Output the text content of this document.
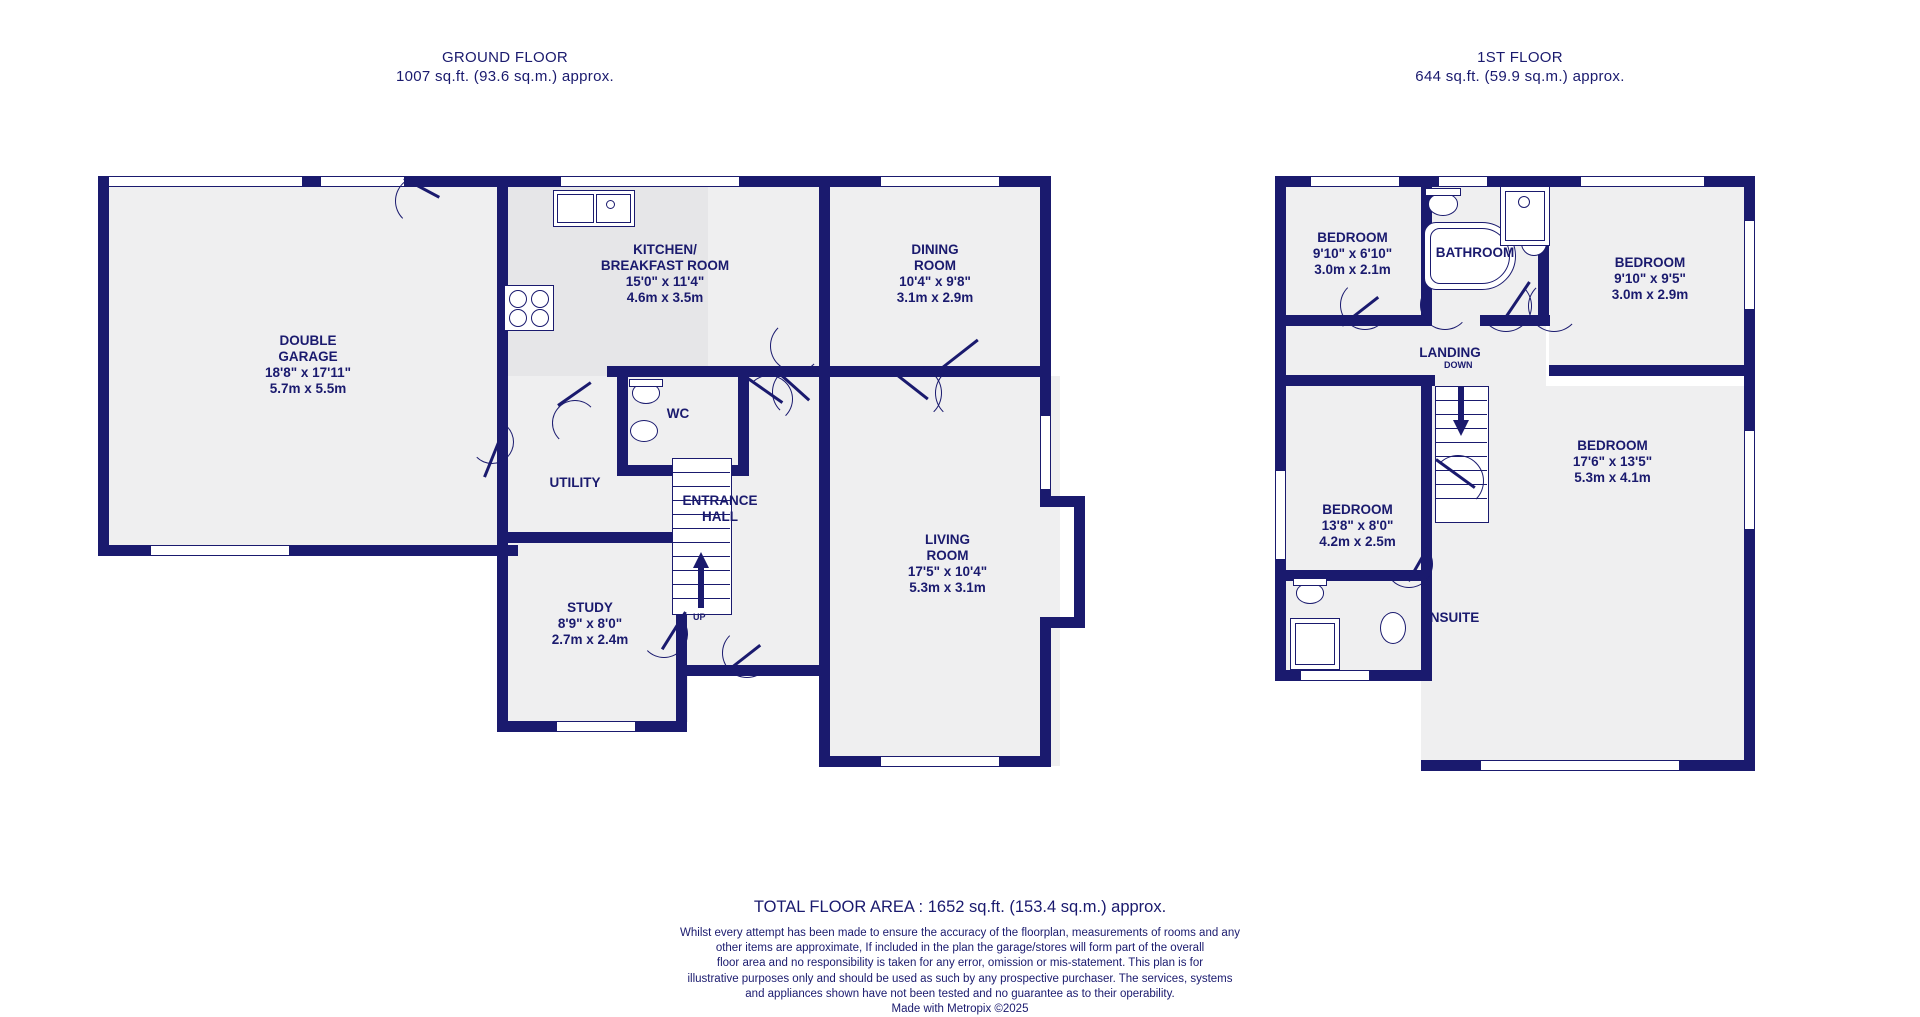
GROUND FLOOR
1007 sq.ft. (93.6 sq.m.) approx.
1ST FLOOR
644 sq.ft. (59.9 sq.m.) approx.
UP
DOUBLE
GARAGE
18'8" x 17'11"
5.7m x 5.5m
KITCHEN/
BREAKFAST ROOM
15'0" x 11'4"
4.6m x 3.5m
DINING
ROOM
10'4" x 9'8"
3.1m x 2.9m
WC
UTILITY
ENTRANCE
HALL
STUDY
8'9" x 8'0"
2.7m x 2.4m
LIVING
ROOM
17'5" x 10'4"
5.3m x 3.1m
DOWN
BEDROOM
9'10" x 6'10"
3.0m x 2.1m
BATHROOM
BEDROOM
9'10" x 9'5"
3.0m x 2.9m
LANDING
BEDROOM
17'6" x 13'5"
5.3m x 4.1m
BEDROOM
13'8" x 8'0"
4.2m x 2.5m
ENSUITE
TOTAL FLOOR AREA : 1652 sq.ft. (153.4 sq.m.) approx.
Whilst every attempt has been made to ensure the accuracy of the floorplan, measurements of rooms and any
other items are approximate, If included in the plan the garage/stores will form part of the overall
floor area and no responsibility is taken for any error, omission or mis-statement. This plan is for
illustrative purposes only and should be used as such by any prospective purchaser. The services, systems
and appliances shown have not been tested and no guarantee as to their operability.
Made with Metropix ©2025
